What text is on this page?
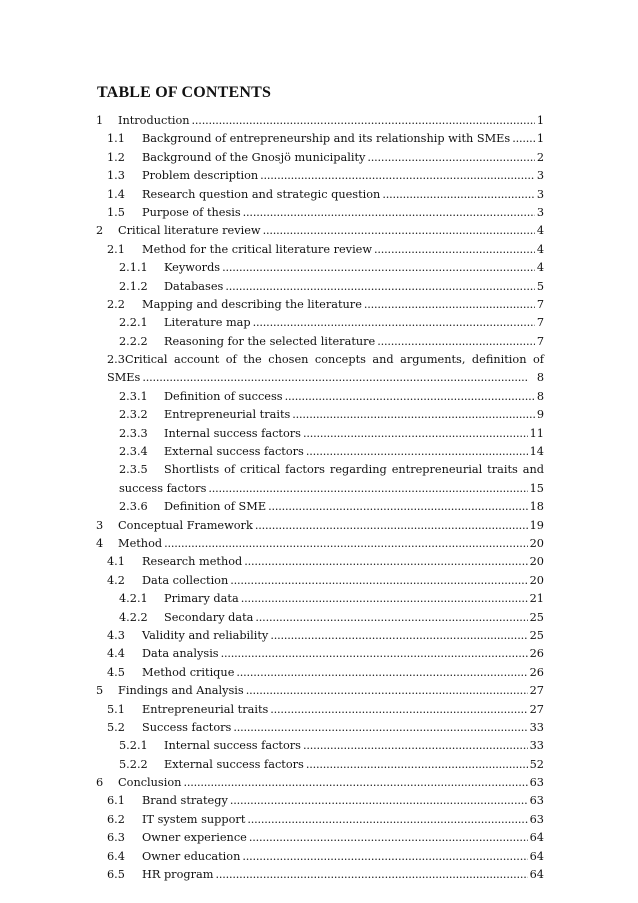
TABLE OF CONTENTS
1	Introduction . . .	1
1.1	Background of entrepreneurship and its relationship with SMEs . . . 1
1.2	Background of the Gnosjö municipality . . .	2
1.3	Problem description . . .	3
1.4	Research question and strategic question . . .	3
1.5	Purpose of thesis . . .	3
2	Critical literature review . . .	4
2.1	Method for the critical literature review . . .	4
2.1.1	Keywords . . .	4
2.1.2	Databases . . .	5
2.2	Mapping and describing the literature . . .	7
2.2.1	Literature map . . .	7
2.2.2	Reasoning for the selected literature . . .	7
2.3 Critical account of the chosen concepts and arguments, definition of
SMEs . . .	8
2.3.1	Definition of success . . .	8
2.3.2	Entrepreneurial traits . . .	9
2.3.3	Internal success factors . . .	11
2.3.4	External success factors . . .	14
2.3.5	Shortlists of critical factors regarding entrepreneurial traits and
success factors . . .	15
2.3.6	Definition of SME . . .	18
3	Conceptual Framework . . .	19
4	Method . . .	20
4.1	Research method . . .	20
4.2	Data collection . . .	20
4.2.1	Primary data . . .	21
4.2.2	Secondary data . . .	25
4.3	Validity and reliability . . .	25
4.4	Data analysis . . .	26
4.5	Method critique . . .	26
5	Findings and Analysis . . .	27
5.1	Entrepreneurial traits . . .	27
5.2	Success factors . . .	33
5.2.1	Internal success factors . . .	33
5.2.2	External success factors . . .	52
6	Conclusion . . .	63
6.1	Brand strategy . . .	63
6.2	IT system support . . .	63
6.3	Owner experience . . .	64
6.4	Owner education . . .	64
6.5	HR program . . .	64
